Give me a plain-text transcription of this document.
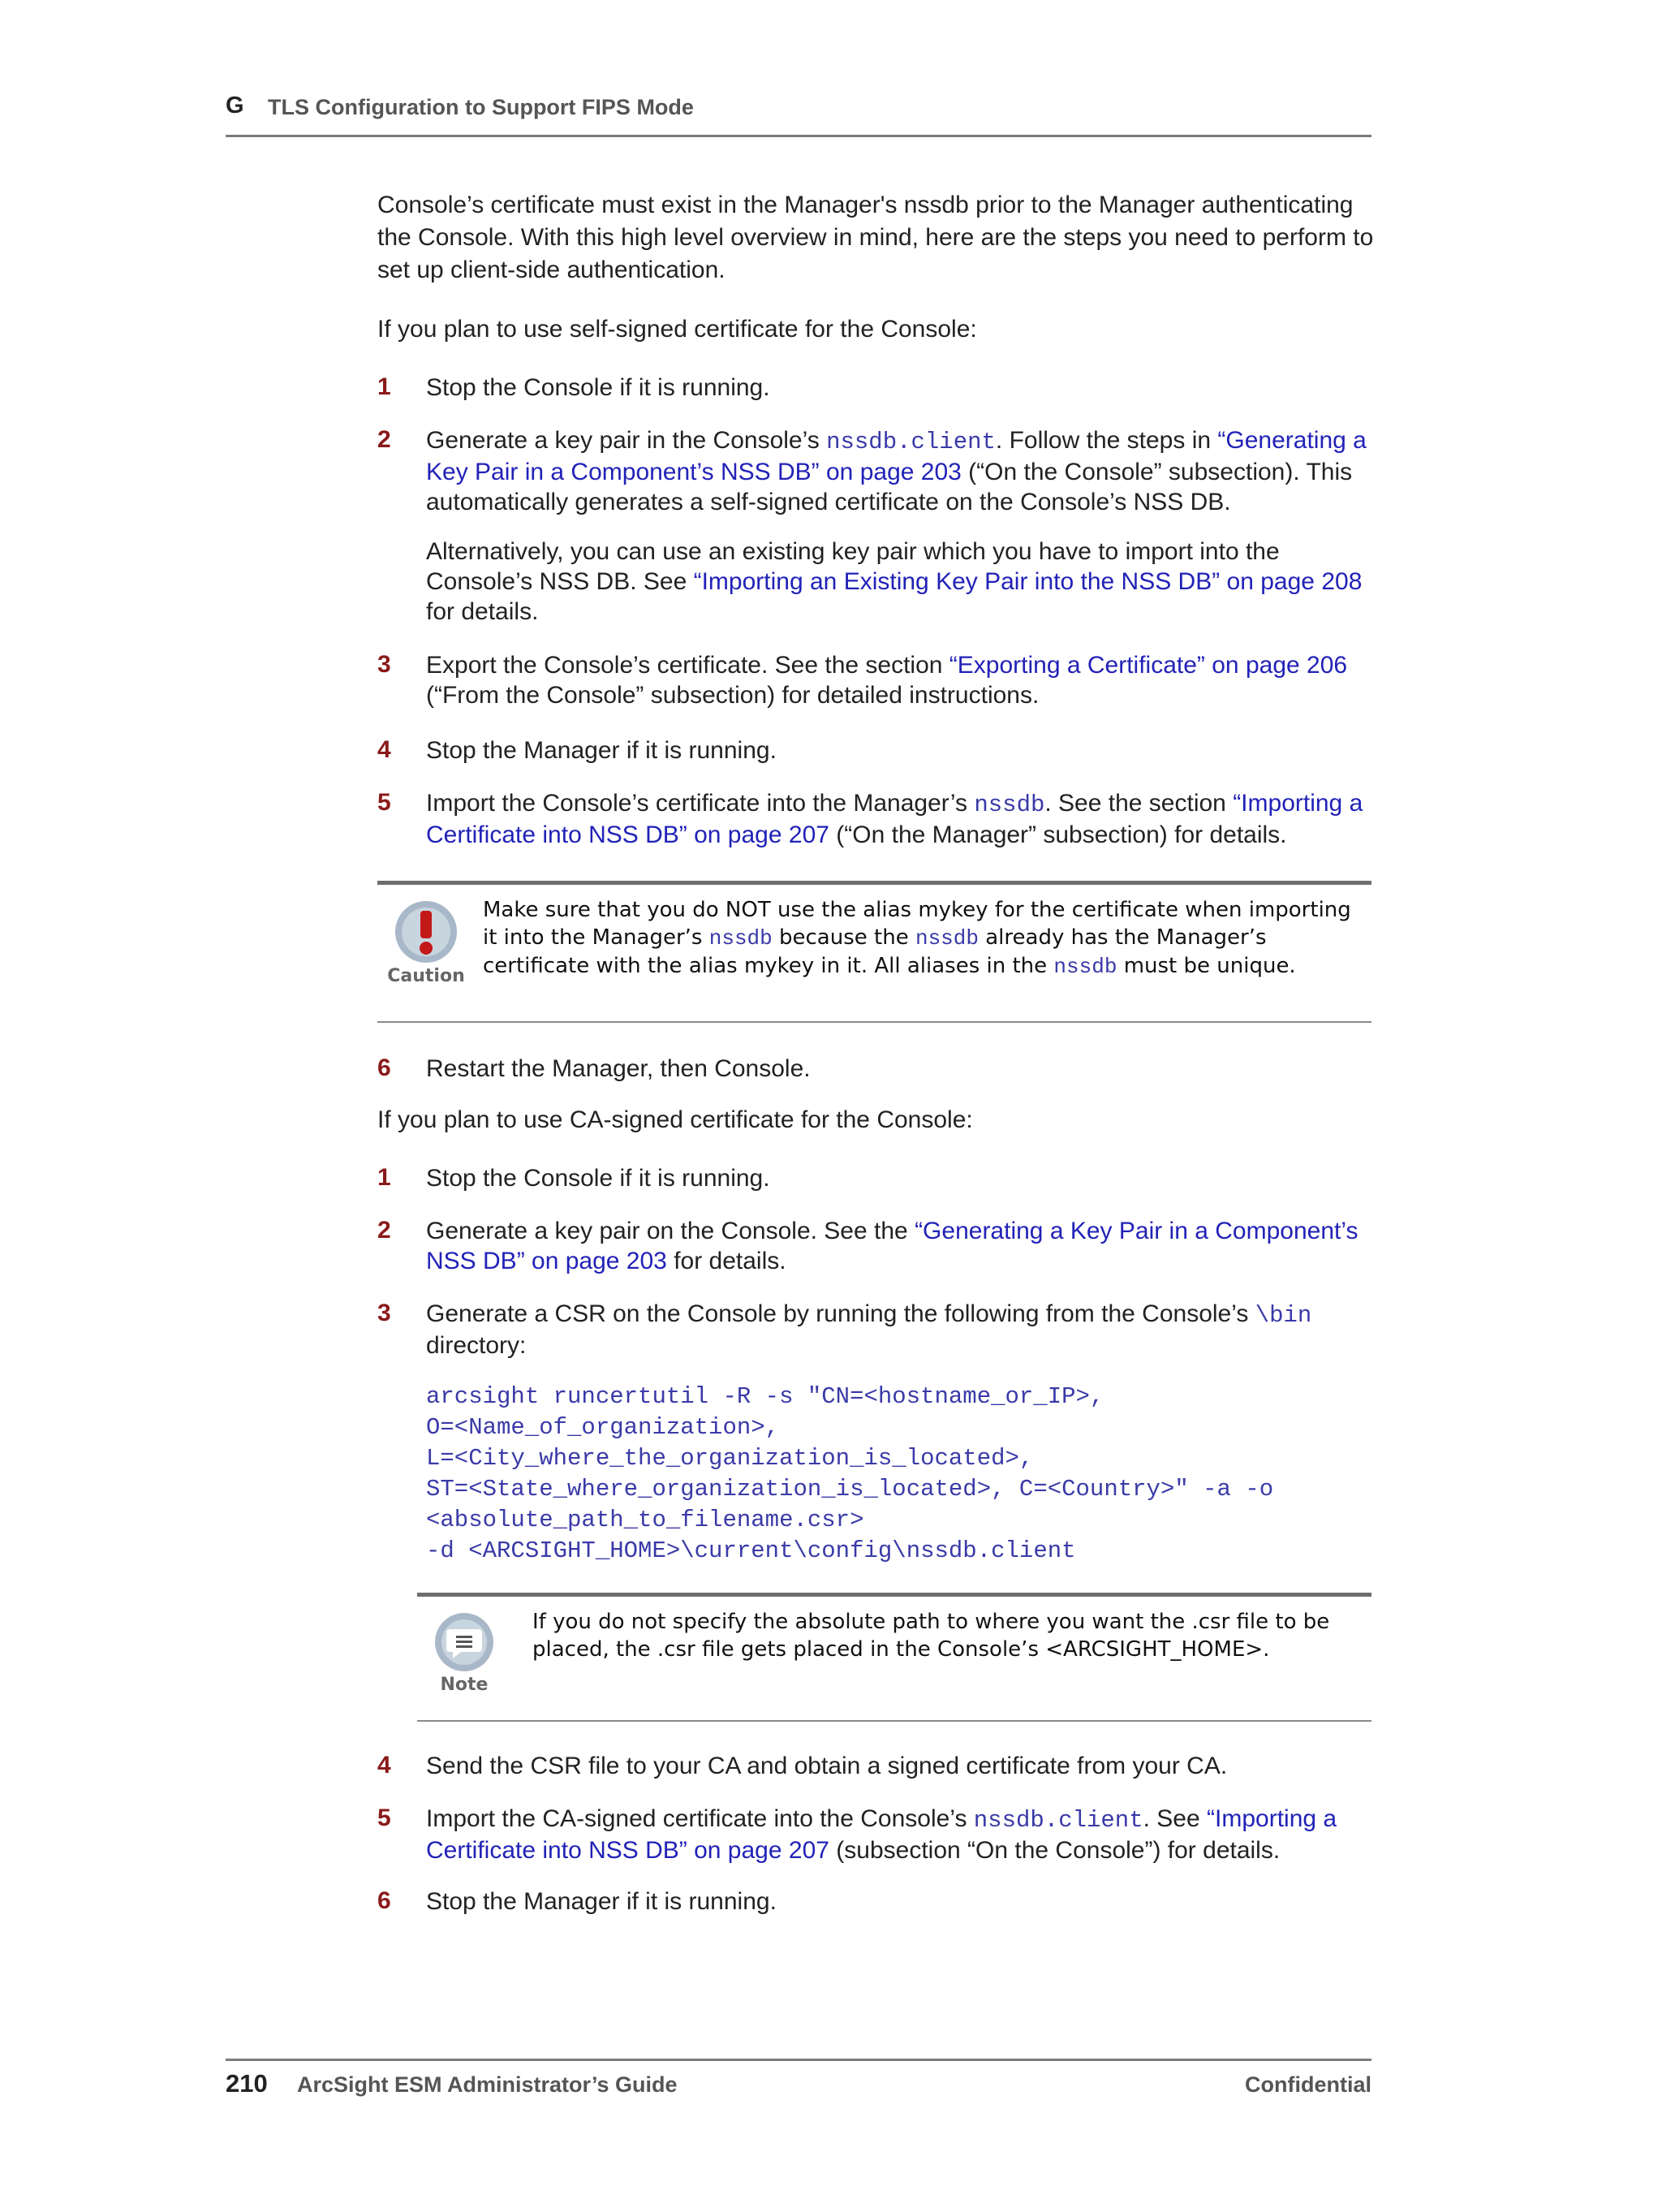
G TLS Configuration to Support FIPS Mode

Console’s certificate must exist in the Manager's nssdb prior to the Manager authenticating the Console. With this high level overview in mind, here are the steps you need to perform to set up client-side authentication.

If you plan to use self-signed certificate for the Console:

1 Stop the Console if it is running.

2 Generate a key pair in the Console’s nssdb.client. Follow the steps in “Generating a Key Pair in a Component’s NSS DB” on page 203 (“On the Console” subsection). This automatically generates a self-signed certificate on the Console’s NSS DB.

Alternatively, you can use an existing key pair which you have to import into the Console’s NSS DB. See “Importing an Existing Key Pair into the NSS DB” on page 208 for details.

3 Export the Console’s certificate. See the section “Exporting a Certificate” on page 206 (“From the Console” subsection) for detailed instructions.

4 Stop the Manager if it is running.

5 Import the Console’s certificate into the Manager’s nssdb. See the section “Importing a Certificate into NSS DB” on page 207 (“On the Manager” subsection) for details.

Caution
Make sure that you do NOT use the alias mykey for the certificate when importing it into the Manager’s nssdb because the nssdb already has the Manager’s certificate with the alias mykey in it. All aliases in the nssdb must be unique.
6 Restart the Manager, then Console.

If you plan to use CA-signed certificate for the Console:

1 Stop the Console if it is running.

2 Generate a key pair on the Console. See the “Generating a Key Pair in a Component’s NSS DB” on page 203 for details.

3 Generate a CSR on the Console by running the following from the Console’s \bin directory:

arcsight runcertutil -R -s "CN=<hostname_or_IP>,
O=<Name_of_organization>,
L=<City_where_the_organization_is_located>,
ST=<State_where_organization_is_located>, C=<Country>" -a -o
<absolute_path_to_filename.csr>
-d <ARCSIGHT_HOME>\current\config\nssdb.client
Note
If you do not specify the absolute path to where you want the .csr file to be placed, the .csr file gets placed in the Console’s <ARCSIGHT_HOME>.
4 Send the CSR file to your CA and obtain a signed certificate from your CA.

5 Import the CA-signed certificate into the Console’s nssdb.client. See “Importing a Certificate into NSS DB” on page 207 (subsection “On the Console”) for details.

6 Stop the Manager if it is running.

210 ArcSight ESM Administrator’s Guide	Confidential
